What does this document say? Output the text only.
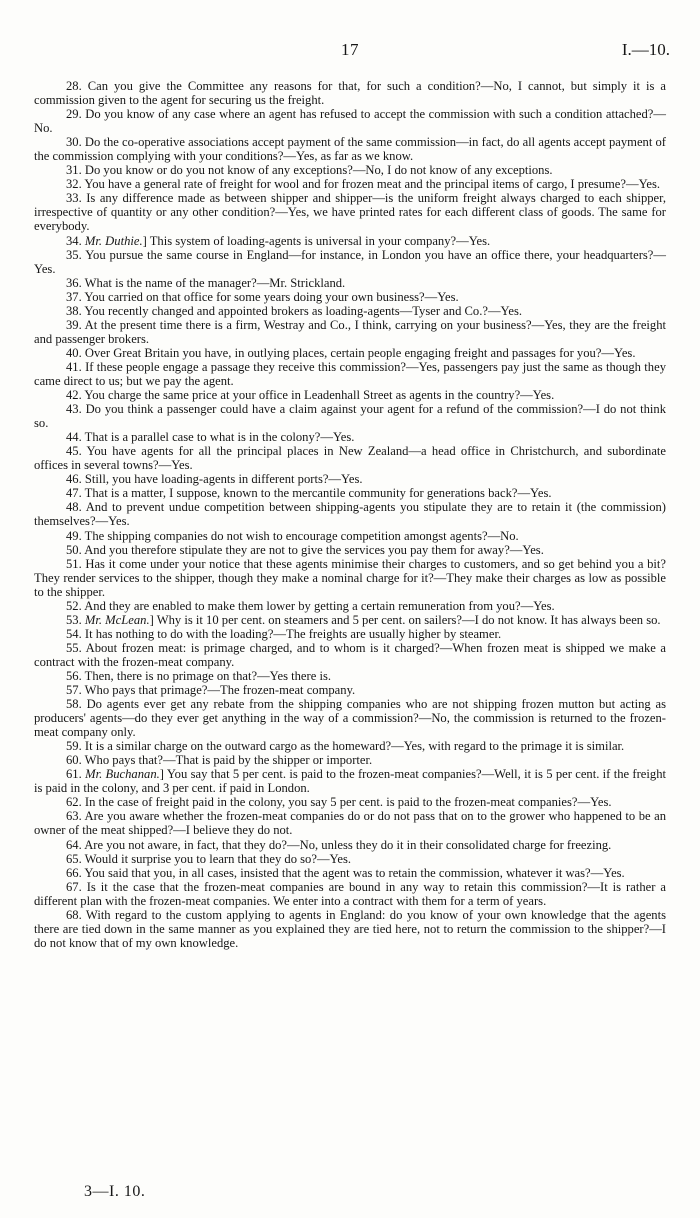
17	I.—10.

28. Can you give the Committee any reasons for that, for such a condition?—No, I cannot, but simply it is a commission given to the agent for securing us the freight.

29. Do you know of any case where an agent has refused to accept the commission with such a condition attached?—No.

30. Do the co-operative associations accept payment of the same commission—in fact, do all agents accept payment of the commission complying with your conditions?—Yes, as far as we know.

31. Do you know or do you not know of any exceptions?—No, I do not know of any exceptions.

32. You have a general rate of freight for wool and for frozen meat and the principal items of cargo, I presume?—Yes.

33. Is any difference made as between shipper and shipper—is the uniform freight always charged to each shipper, irrespective of quantity or any other condition?—Yes, we have printed rates for each different class of goods. The same for everybody.

34. Mr. Duthie.] This system of loading-agents is universal in your company?—Yes.

35. You pursue the same course in England—for instance, in London you have an office there, your headquarters?—Yes.

36. What is the name of the manager?—Mr. Strickland.

37. You carried on that office for some years doing your own business?—Yes.

38. You recently changed and appointed brokers as loading-agents—Tyser and Co.?—Yes.

39. At the present time there is a firm, Westray and Co., I think, carrying on your business?—Yes, they are the freight and passenger brokers.

40. Over Great Britain you have, in outlying places, certain people engaging freight and passages for you?—Yes.

41. If these people engage a passage they receive this commission?—Yes, passengers pay just the same as though they came direct to us; but we pay the agent.

42. You charge the same price at your office in Leadenhall Street as agents in the country?—Yes.

43. Do you think a passenger could have a claim against your agent for a refund of the commission?—I do not think so.

44. That is a parallel case to what is in the colony?—Yes.

45. You have agents for all the principal places in New Zealand—a head office in Christchurch, and subordinate offices in several towns?—Yes.

46. Still, you have loading-agents in different ports?—Yes.

47. That is a matter, I suppose, known to the mercantile community for generations back?—Yes.

48. And to prevent undue competition between shipping-agents you stipulate they are to retain it (the commission) themselves?—Yes.

49. The shipping companies do not wish to encourage competition amongst agents?—No.

50. And you therefore stipulate they are not to give the services you pay them for away?—Yes.

51. Has it come under your notice that these agents minimise their charges to customers, and so get behind you a bit? They render services to the shipper, though they make a nominal charge for it?—They make their charges as low as possible to the shipper.

52. And they are enabled to make them lower by getting a certain remuneration from you?—Yes.

53. Mr. McLean.] Why is it 10 per cent. on steamers and 5 per cent. on sailers?—I do not know. It has always been so.

54. It has nothing to do with the loading?—The freights are usually higher by steamer.

55. About frozen meat: is primage charged, and to whom is it charged?—When frozen meat is shipped we make a contract with the frozen-meat company.

56. Then, there is no primage on that?—Yes there is.

57. Who pays that primage?—The frozen-meat company.

58. Do agents ever get any rebate from the shipping companies who are not shipping frozen mutton but acting as producers' agents—do they ever get anything in the way of a commission?—No, the commission is returned to the frozen-meat company only.

59. It is a similar charge on the outward cargo as the homeward?—Yes, with regard to the primage it is similar.

60. Who pays that?—That is paid by the shipper or importer.

61. Mr. Buchanan.] You say that 5 per cent. is paid to the frozen-meat companies?—Well, it is 5 per cent. if the freight is paid in the colony, and 3 per cent. if paid in London.

62. In the case of freight paid in the colony, you say 5 per cent. is paid to the frozen-meat companies?—Yes.

63. Are you aware whether the frozen-meat companies do or do not pass that on to the grower who happened to be an owner of the meat shipped?—I believe they do not.

64. Are you not aware, in fact, that they do?—No, unless they do it in their consolidated charge for freezing.

65. Would it surprise you to learn that they do so?—Yes.

66. You said that you, in all cases, insisted that the agent was to retain the commission, whatever it was?—Yes.

67. Is it the case that the frozen-meat companies are bound in any way to retain this commission?—It is rather a different plan with the frozen-meat companies. We enter into a contract with them for a term of years.

68. With regard to the custom applying to agents in England: do you know of your own knowledge that the agents there are tied down in the same manner as you explained they are tied here, not to return the commission to the shipper?—I do not know that of my own knowledge.

3—I. 10.
